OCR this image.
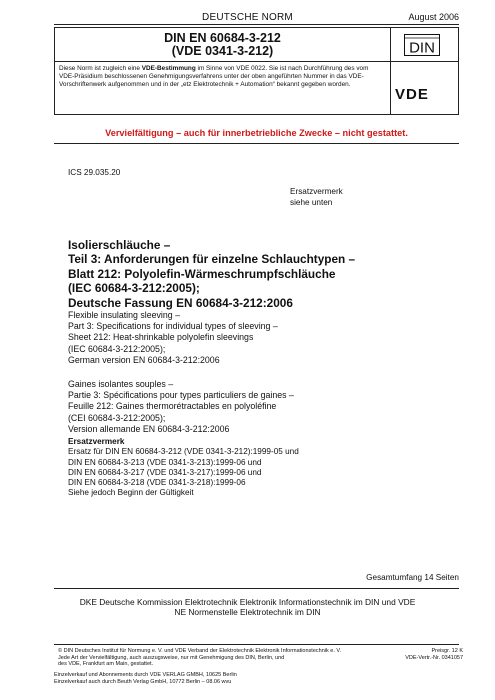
DEUTSCHE NORM	August 2006
DIN EN 60684-3-212
(VDE 0341-3-212)
Diese Norm ist zugleich eine VDE-Bestimmung im Sinne von VDE 0022. Sie ist nach Durchführung des vom VDE-Präsidium beschlossenen Genehmigungsverfahrens unter der oben angeführten Nummer in das VDE-Vorschriftenwerk aufgenommen und in der „etz Elektrotechnik + Automation“ bekannt gegeben worden.
DIN
VDE
Vervielfältigung – auch für innerbetriebliche Zwecke – nicht gestattet.
ICS 29.035.20
Ersatzvermerk
siehe unten
Isolierschläuche –
Teil 3: Anforderungen für einzelne Schlauchtypen –
Blatt 212: Polyolefin-Wärmeschrumpfschläuche
(IEC 60684-3-212:2005);
Deutsche Fassung EN 60684-3-212:2006
Flexible insulating sleeving –
Part 3: Specifications for individual types of sleeving –
Sheet 212: Heat-shrinkable polyolefin sleevings
(IEC 60684-3-212:2005);
German version EN 60684-3-212:2006
Gaines isolantes souples –
Partie 3: Spécifications pour types particuliers de gaines –
Feuille 212: Gaines thermorétractables en polyoléfine
(CEI 60684-3-212:2005);
Version allemande EN 60684-3-212:2006
Ersatzvermerk
Ersatz für DIN EN 60684-3-212 (VDE 0341-3-212):1999-05 und
DIN EN 60684-3-213 (VDE 0341-3-213):1999-06 und
DIN EN 60684-3-217 (VDE 0341-3-217):1999-06 und
DIN EN 60684-3-218 (VDE 0341-3-218):1999-06
Siehe jedoch Beginn der Gültigkeit
Gesamtumfang 14 Seiten
DKE Deutsche Kommission Elektrotechnik Elektronik Informationstechnik im DIN und VDE
NE Normenstelle Elektrotechnik im DIN
© DIN Deutsches Institut für Normung e. V. und VDE Verband der Elektrotechnik Elektronik Informationstechnik e. V.
Jede Art der Vervielfältigung, auch auszugsweise, nur mit Genehmigung des DIN, Berlin, und
des VDE, Frankfurt am Main, gestattet.
Preisgr. 12 K
VDE-Vertr.-Nr. 0341057
Einzelverkauf und Abonnements durch VDE VERLAG GMBH, 10625 Berlin
Einzelverkauf auch durch Beuth Verlag GmbH, 10772 Berlin – 08.06 wvu
